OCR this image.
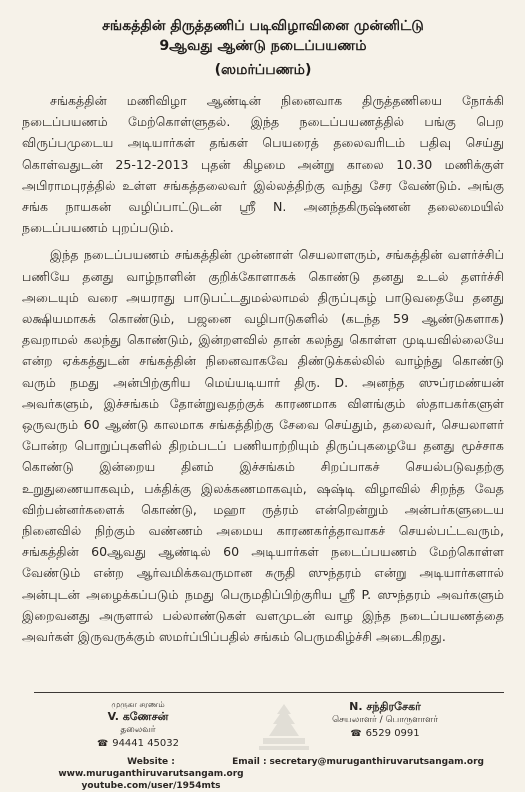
சங்கத்தின் திருத்தணிப் படிவிழாவினை முன்னிட்டு
9ஆவது ஆண்டு நடைப்பயணம்
(ஸமர்ப்பணம்)

சங்கத்தின் மணிவிழா ஆண்டின் நினைவாக திருத்தணியை நோக்கி நடைப்பயணம் மேற்கொள்ளுதல். இந்த நடைப்பயணத்தில் பங்கு பெற விருப்பமுடைய அடியார்கள் தங்கள் பெயரைத் தலைவரிடம் பதிவு செய்து கொள்வதுடன் 25-12-2013 புதன் கிழமை அன்று காலை 10.30 மணிக்குள் அபிராமபுரத்தில் உள்ள சங்கத்தலைவர் இல்லத்திற்கு வந்து சேர வேண்டும். அங்கு சங்க நாயகன் வழிப்பாட்டுடன் ஸ்ரீ N. அனந்தகிருஷ்ணன் தலைமையில் நடைப்பயணம் புறப்படும்.

இந்த நடைப்பயணம் சங்கத்தின் முன்னாள் செயலாளரும், சங்கத்தின் வளர்ச்சிப் பணியே தனது வாழ்நாளின் குறிக்கோளாகக் கொண்டு தனது உடல் தளர்ச்சி அடையும் வரை அயராது பாடுபட்டதுமல்லாமல் திருப்புகழ் பாடுவதையே தனது லக்ஷியமாகக் கொண்டும், பஜனை வழிபாடுகளில் (கடந்த 59 ஆண்டுகளாக) தவறாமல் கலந்து கொண்டும், இன்றளவில் தான் கலந்து கொள்ள முடியவில்லையே என்ற ஏக்கத்துடன் சங்கத்தின் நினைவாகவே திண்டுக்கல்லில் வாழ்ந்து கொண்டு வரும் நமது அன்பிற்குரிய மெய்யடியார் திரு. D. அனந்த ஸுப்ரமண்யன் அவர்களும், இச்சங்கம் தோன்றுவதற்குக் காரணமாக விளங்கும் ஸ்தாபகர்களுள் ஒருவரும் 60 ஆண்டு காலமாக சங்கத்திற்கு சேவை செய்தும், தலைவர், செயலாளர் போன்ற பொறுப்புகளில் திறம்படப் பணியாற்றியும் திருப்புகழையே தனது மூச்சாக கொண்டு இன்றைய தினம் இச்சங்கம் சிறப்பாகச் செயல்படுவதற்கு உறுதுணையாகவும், பக்திக்கு இலக்கணமாகவும், ஷஷ்டி விழாவில் சிறந்த வேத விற்பன்னர்களைக் கொண்டு, மஹா ருத்ரம் என்றென்றும் அன்பர்களுடைய நினைவில் நிற்கும் வண்ணம் அமைய காரணகர்த்தாவாகச் செயல்பட்டவரும், சங்கத்தின் 60ஆவது ஆண்டில் 60 அடியார்கள் நடைப்பயணம் மேற்கொள்ள வேண்டும் என்ற ஆர்வமிக்கவருமான சுருதி ஸுந்தரம் என்று அடியார்களால் அன்புடன் அழைக்கப்படும் நமது பெருமதிப்பிற்குரிய ஸ்ரீ P. ஸுந்தரம் அவர்களும் இறைவனது அருளால் பல்லாண்டுகள் வளமுடன் வாழ இந்த நடைப்பயணத்தை அவர்கள் இருவருக்கும் ஸமர்ப்பிப்பதில் சங்கம் பெருமகிழ்ச்சி அடைகிறது.

முருகா சரணம்
V. கணேசன்
தலைவர்
☎ 94441 45032
N. சந்திரசேகர்
செயலாளர் / பொருளாளர்
☎ 6529 0991
Website : www.muruganthiruvarutsangam.org
youtube.com/user/1954mts
Email : secretary@muruganthiruvarutsangam.org
